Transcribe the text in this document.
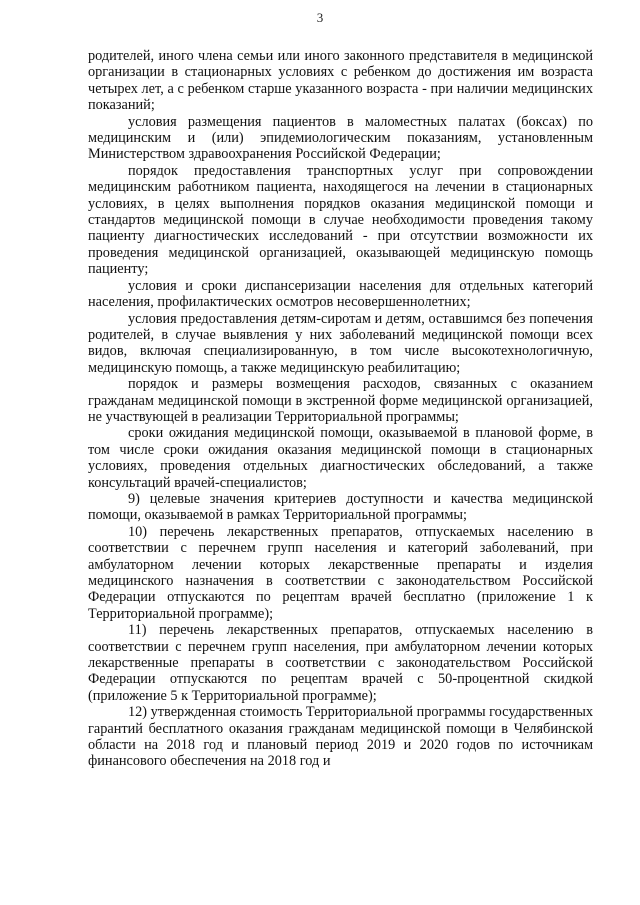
3

родителей, иного члена семьи или иного законного представителя в медицинской организации в стационарных условиях с ребенком до достижения им возраста четырех лет, а с ребенком старше указанного возраста - при наличии медицинских показаний;

условия размещения пациентов в маломестных палатах (боксах) по медицинским и (или) эпидемиологическим показаниям, установленным Министерством здравоохранения Российской Федерации;

порядок предоставления транспортных услуг при сопровождении медицинским работником пациента, находящегося на лечении в стационарных условиях, в целях выполнения порядков оказания медицинской помощи и стандартов медицинской помощи в случае необходимости проведения такому пациенту диагностических исследований - при отсутствии возможности их проведения медицинской организацией, оказывающей медицинскую помощь пациенту;

условия и сроки диспансеризации населения для отдельных категорий населения, профилактических осмотров несовершеннолетних;

условия предоставления детям-сиротам и детям, оставшимся без попечения родителей, в случае выявления у них заболеваний медицинской помощи всех видов, включая специализированную, в том числе высокотехнологичную, медицинскую помощь, а также медицинскую реабилитацию;

порядок и размеры возмещения расходов, связанных с оказанием гражданам медицинской помощи в экстренной форме медицинской организацией, не участвующей в реализации Территориальной программы;

сроки ожидания медицинской помощи, оказываемой в плановой форме, в том числе сроки ожидания оказания медицинской помощи в стационарных условиях, проведения отдельных диагностических обследований, а также консультаций врачей-специалистов;

9) целевые значения критериев доступности и качества медицинской помощи, оказываемой в рамках Территориальной программы;

10) перечень лекарственных препаратов, отпускаемых населению в соответствии с перечнем групп населения и категорий заболеваний, при амбулаторном лечении которых лекарственные препараты и изделия медицинского назначения в соответствии с законодательством Российской Федерации отпускаются по рецептам врачей бесплатно (приложение 1 к Территориальной программе);

11) перечень лекарственных препаратов, отпускаемых населению в соответствии с перечнем групп населения, при амбулаторном лечении которых лекарственные препараты в соответствии с законодательством Российской Федерации отпускаются по рецептам врачей с 50-процентной скидкой (приложение 5 к Территориальной программе);

12) утвержденная стоимость Территориальной программы государственных гарантий бесплатного оказания гражданам медицинской помощи в Челябинской области на 2018 год и плановый период 2019 и 2020 годов по источникам финансового обеспечения на 2018 год и
